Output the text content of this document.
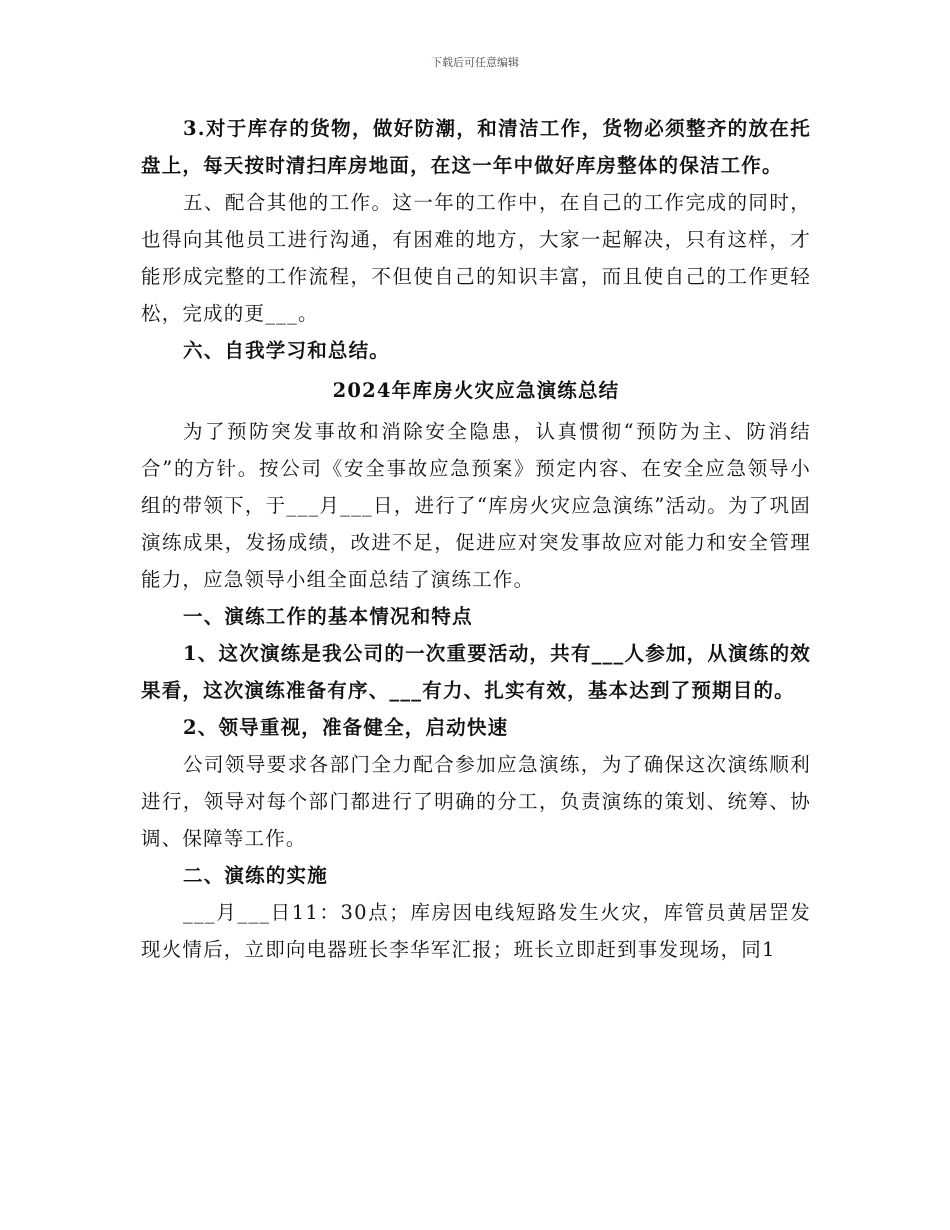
下载后可任意编辑

3.对于库存的货物，做好防潮，和清洁工作，货物必须整齐的放在托盘上，每天按时清扫库房地面，在这一年中做好库房整体的保洁工作。

五、配合其他的工作。这一年的工作中，在自己的工作完成的同时，也得向其他员工进行沟通，有困难的地方，大家一起解决，只有这样，才能形成完整的工作流程，不但使自己的知识丰富，而且使自己的工作更轻松，完成的更___。

六、自我学习和总结。

2024年库房火灾应急演练总结

为了预防突发事故和消除安全隐患，认真惯彻“预防为主、防消结合”的方针。按公司《安全事故应急预案》预定内容、在安全应急领导小组的带领下，于___月___日，进行了“库房火灾应急演练”活动。为了巩固演练成果，发扬成绩，改进不足，促进应对突发事故应对能力和安全管理能力，应急领导小组全面总结了演练工作。

一、演练工作的基本情况和特点

1、这次演练是我公司的一次重要活动，共有___人参加，从演练的效果看，这次演练准备有序、___有力、扎实有效，基本达到了预期目的。

2、领导重视，准备健全，启动快速

公司领导要求各部门全力配合参加应急演练，为了确保这次演练顺利进行，领导对每个部门都进行了明确的分工，负责演练的策划、统筹、协调、保障等工作。

二、演练的实施

___月___日11：30点；库房因电线短路发生火灾，库管员黄居罡发现火情后，立即向电器班长李华军汇报；班长立即赶到事发现场，同1
